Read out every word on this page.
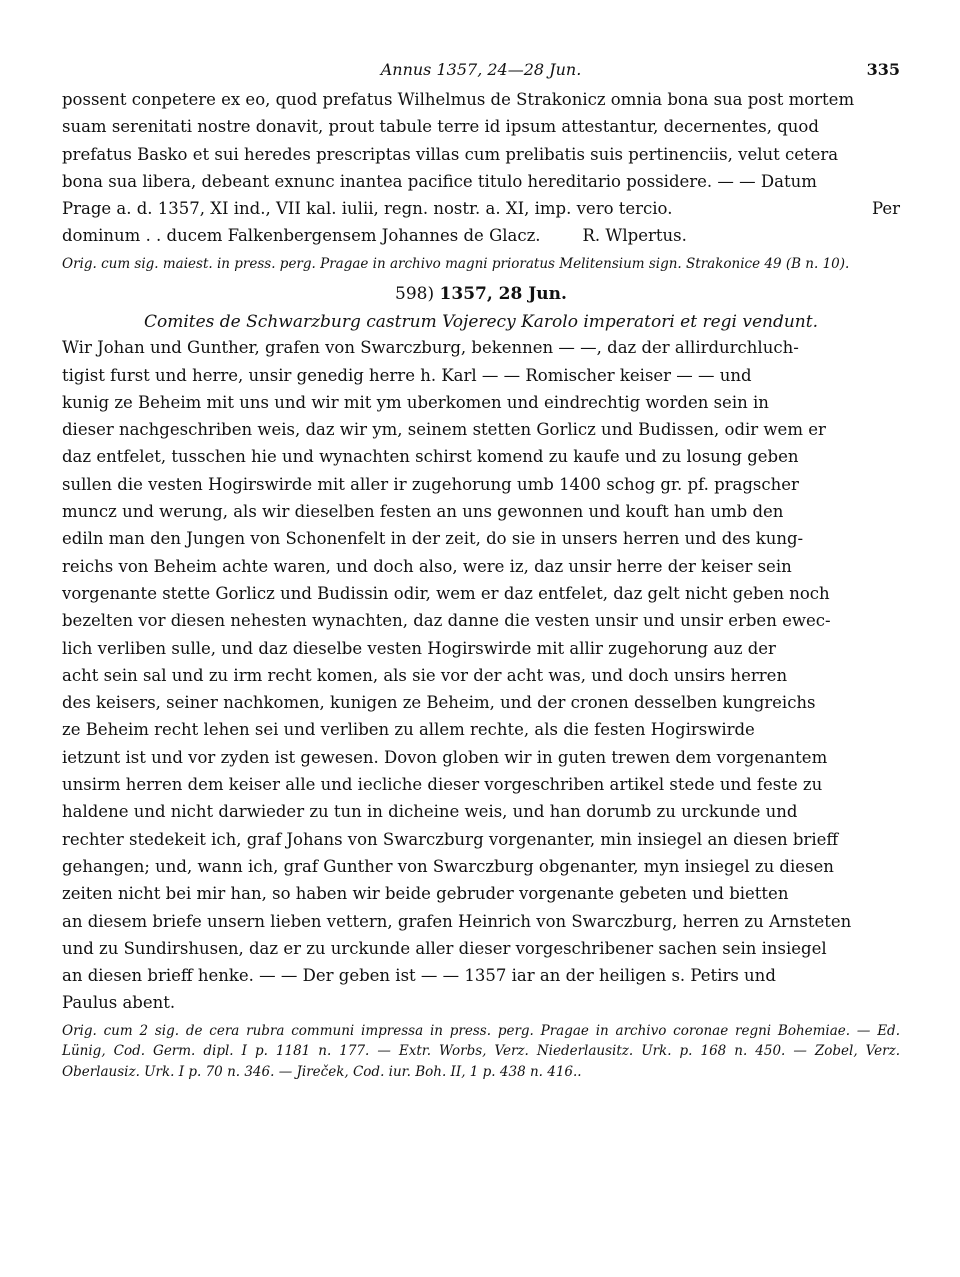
Annus 1357, 24—28 Jun.	335
possent conpetere ex eo, quod prefatus Wilhelmus de Strakonicz omnia bona sua post mortem
suam serenitati nostre donavit, prout tabule terre id ipsum attestantur, decernentes, quod
prefatus Basko et sui heredes prescriptas villas cum prelibatis suis pertinenciis, velut cetera
bona sua libera, debeant exnunc inantea pacifice titulo hereditario possidere. — — Datum
Prage a. d. 1357, XI ind., VII kal. iulii, regn. nostr. a. XI, imp. vero tercio.	Per
dominum . . ducem Falkenbergensem Johannes de Glacz.        R. Wlpertus.

Orig. cum sig. maiest. in press. perg. Pragae in archivo magni prioratus Melitensium sign. Strakonice 49 (B n. 10).

598) 1357, 28 Jun.
Comites de Schwarzburg castrum Vojerecy Karolo imperatori et regi vendunt.
Wir Johan und Gunther, grafen von Swarczburg, bekennen — —, daz der allirdurchluch-
tigist furst und herre, unsir genedig herre h. Karl — — Romischer keiser — — und
kunig ze Beheim mit uns und wir mit ym uberkomen und eindrechtig worden sein in
dieser nachgeschriben weis, daz wir ym, seinem stetten Gorlicz und Budissen, odir wem er
daz entfelet, tusschen hie und wynachten schirst komend zu kaufe und zu losung geben
sullen die vesten Hogirswirde mit aller ir zugehorung umb 1400 schog gr. pf. pragscher
muncz und werung, als wir dieselben festen an uns gewonnen und kouft han umb den
ediln man den Jungen von Schonenfelt in der zeit, do sie in unsers herren und des kung-
reichs von Beheim achte waren, und doch also, were iz, daz unsir herre der keiser sein
vorgenante stette Gorlicz und Budissin odir, wem er daz entfelet, daz gelt nicht geben noch
bezelten vor diesen nehesten wynachten, daz danne die vesten unsir und unsir erben ewec-
lich verliben sulle, und daz dieselbe vesten Hogirswirde mit allir zugehorung auz der
acht sein sal und zu irm recht komen, als sie vor der acht was, und doch unsirs herren
des keisers, seiner nachkomen, kunigen ze Beheim, und der cronen desselben kungreichs
ze Beheim recht lehen sei und verliben zu allem rechte, als die festen Hogirswirde
ietzunt ist und vor zyden ist gewesen. Dovon globen wir in guten trewen dem vorgenantem
unsirm herren dem keiser alle und iecliche dieser vorgeschriben artikel stede und feste zu
haldene und nicht darwieder zu tun in dicheine weis, und han dorumb zu urckunde und
rechter stedekeit ich, graf Johans von Swarczburg vorgenanter, min insiegel an diesen brieff
gehangen; und, wann ich, graf Gunther von Swarczburg obgenanter, myn insiegel zu diesen
zeiten nicht bei mir han, so haben wir beide gebruder vorgenante gebeten und bietten
an diesem briefe unsern lieben vettern, grafen Heinrich von Swarczburg, herren zu Arnsteten
und zu Sundirshusen, daz er zu urckunde aller dieser vorgeschribener sachen sein insiegel
an diesen brieff henke. — — Der geben ist — — 1357 iar an der heiligen s. Petirs und
Paulus abent.

Orig. cum 2 sig. de cera rubra communi impressa in press. perg. Pragae in archivo coronae regni Bohemiae. — Ed. Lünig, Cod. Germ. dipl. I p. 1181 n. 177. — Extr. Worbs, Verz. Niederlausitz. Urk. p. 168 n. 450. — Zobel, Verz. Oberlausiz. Urk. I p. 70 n. 346. — Jireček, Cod. iur. Boh. II, 1 p. 438 n. 416..
